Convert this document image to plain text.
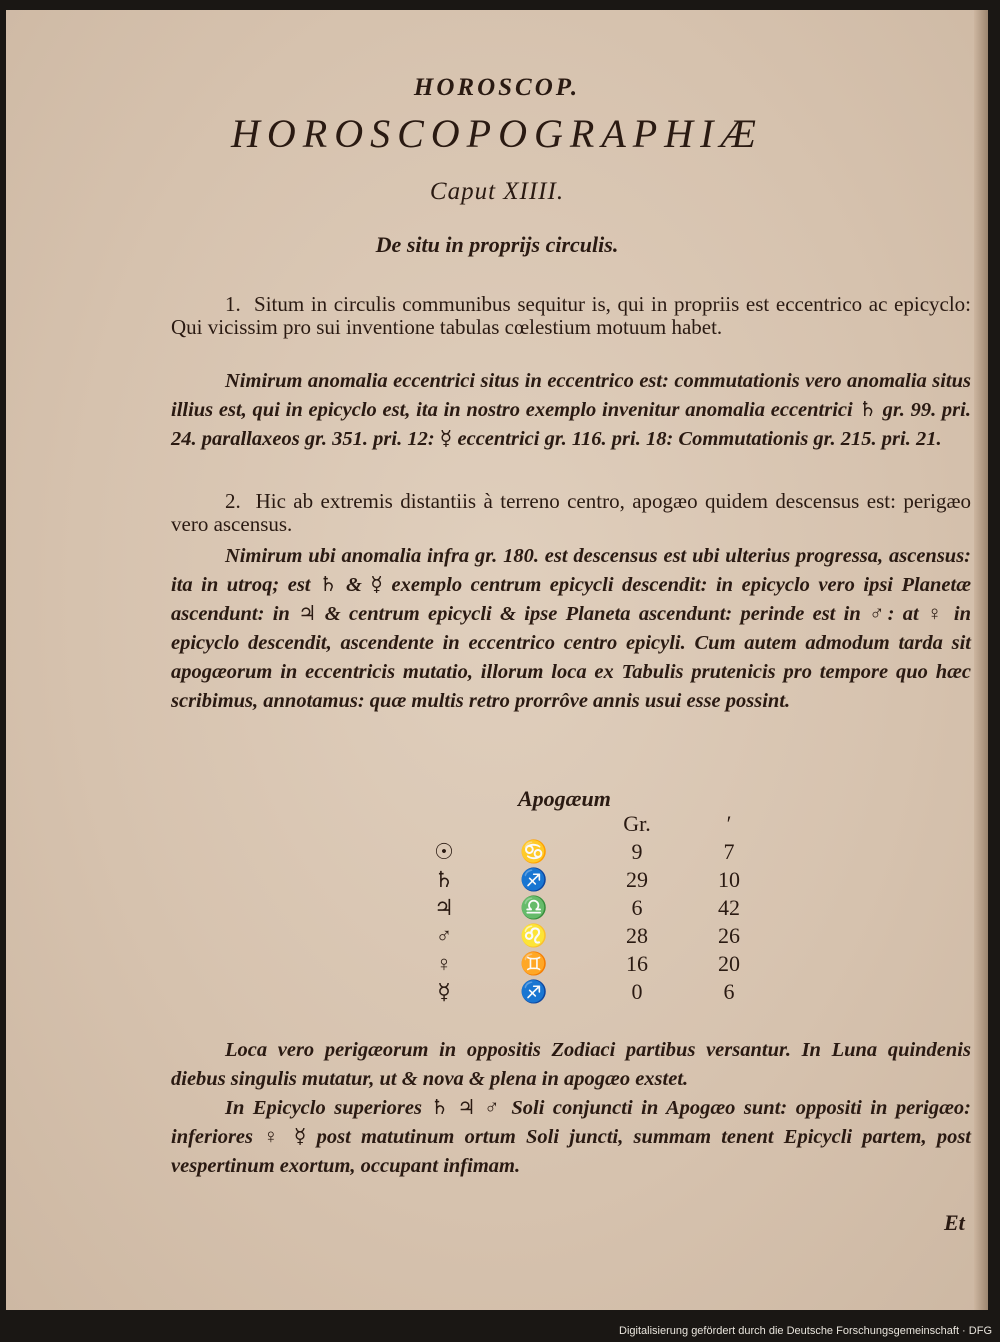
HOROSCOP.
HOROSCOPOGRAPHIÆ
Caput XIIII.
De situ in proprijs circulis.

1. Situm in circulis communibus sequitur is, qui in propriis est eccentrico ac epicyclo: Qui vicissim pro sui inventione tabulas cœlestium motuum habet.

Nimirum anomalia eccentrici situs in eccentrico est: commutationis vero anomalia situs illius est, qui in epicyclo est, ita in nostro exemplo invenitur anomalia eccentrici ♄ gr. 99. pri. 24. parallaxeos gr. 351. pri. 12: ☿ eccentrici gr. 116. pri. 18: Commutationis gr. 215. pri. 21.

2. Hic ab extremis distantiis à terreno centro, apogæo quidem descensus est: perigæo vero ascensus.

Nimirum ubi anomalia infra gr. 180. est descensus est ubi ulterius progressa, ascensus: ita in utroq; est ♄ & ☿ exemplo centrum epicycli descendit: in epicyclo vero ipsi Planetæ ascendunt: in ♃ & centrum epicycli & ipse Planeta ascendunt: perinde est in ♂: at ♀ in epicyclo descendit, ascendente in eccentrico centro epicyli. Cum autem admodum tarda sit apogæorum in eccentricis mutatio, illorum loca ex Tabulis prutenicis pro tempore quo hæc scribimus, annotamus: quæ multis retro prorrôve annis usui esse possint.

Apogæum
		Gr.	′
☉	♋	9	7
♄	♐	29	10
♃	♎	6	42
♂	♌	28	26
♀	♊	16	20
☿	♐	0	6

Loca vero perigæorum in oppositis Zodiaci partibus versantur. In Luna quindenis diebus singulis mutatur, ut & nova & plena in apogæo exstet.

In Epicyclo superiores ♄ ♃ ♂ Soli conjuncti in Apogæo sunt: oppositi in perigæo: inferiores ♀ ☿ post matutinum ortum Soli juncti, summam tenent Epicycli partem, post vespertinum exortum, occupant infimam.

Et
Digitalisierung gefördert durch die Deutsche Forschungsgemeinschaft · DFG
